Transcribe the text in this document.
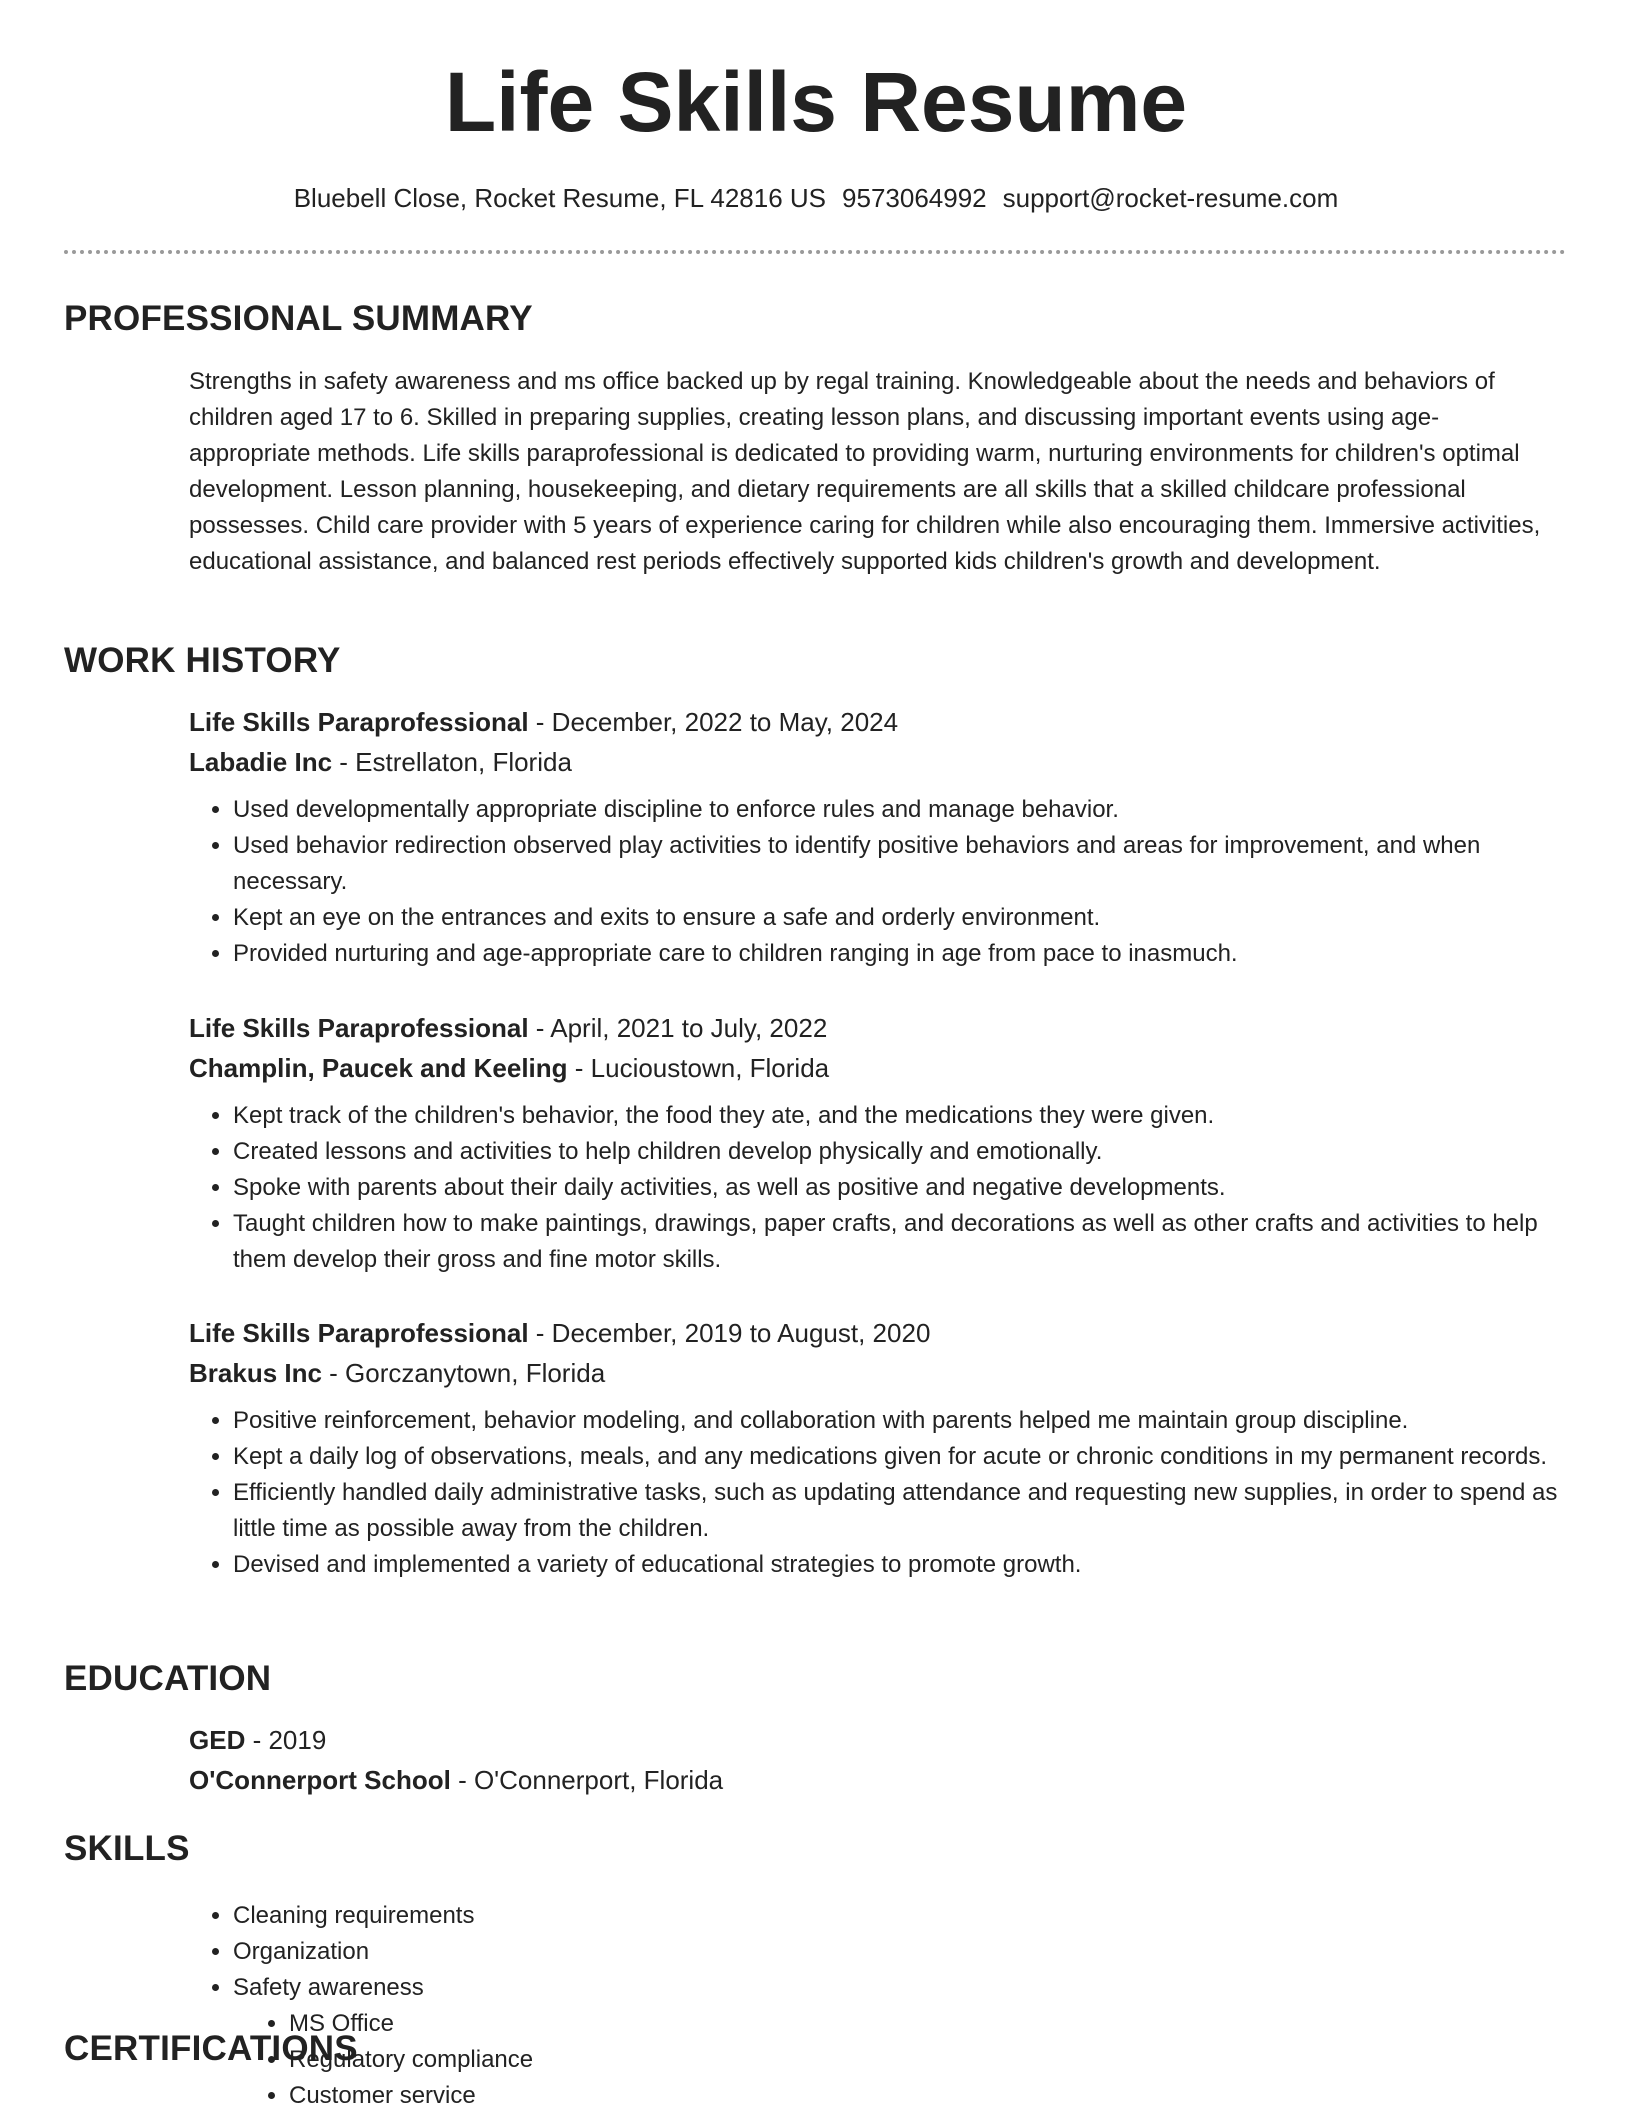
Life Skills Resume
Bluebell Close, Rocket Resume, FL 42816 US 9573064992 support@rocket-resume.com
PROFESSIONAL SUMMARY

Strengths in safety awareness and ms office backed up by regal training. Knowledgeable about the needs and behaviors of children aged 17 to 6. Skilled in preparing supplies, creating lesson plans, and discussing important events using age-appropriate methods. Life skills paraprofessional is dedicated to providing warm, nurturing environments for children's optimal development. Lesson planning, housekeeping, and dietary requirements are all skills that a skilled childcare professional possesses. Child care provider with 5 years of experience caring for children while also encouraging them. Immersive activities, educational assistance, and balanced rest periods effectively supported kids children's growth and development.

WORK HISTORY
Life Skills Paraprofessional - December, 2022 to May, 2024
Labadie Inc - Estrellaton, Florida
• Used developmentally appropriate discipline to enforce rules and manage behavior.
• Used behavior redirection observed play activities to identify positive behaviors and areas for improvement, and when necessary.
• Kept an eye on the entrances and exits to ensure a safe and orderly environment.
• Provided nurturing and age-appropriate care to children ranging in age from pace to inasmuch.
Life Skills Paraprofessional - April, 2021 to July, 2022
Champlin, Paucek and Keeling - Lucioustown, Florida
• Kept track of the children's behavior, the food they ate, and the medications they were given.
• Created lessons and activities to help children develop physically and emotionally.
• Spoke with parents about their daily activities, as well as positive and negative developments.
• Taught children how to make paintings, drawings, paper crafts, and decorations as well as other crafts and activities to help them develop their gross and fine motor skills.
Life Skills Paraprofessional - December, 2019 to August, 2020
Brakus Inc - Gorczanytown, Florida
• Positive reinforcement, behavior modeling, and collaboration with parents helped me maintain group discipline.
• Kept a daily log of observations, meals, and any medications given for acute or chronic conditions in my permanent records.
• Efficiently handled daily administrative tasks, such as updating attendance and requesting new supplies, in order to spend as little time as possible away from the children.
• Devised and implemented a variety of educational strategies to promote growth.
EDUCATION
GED - 2019
O'Connerport School - O'Connerport, Florida
SKILLS
• Cleaning requirements
• Organization
• Safety awareness
• MS Office
• Regulatory compliance
• Customer service
CERTIFICATIONS
